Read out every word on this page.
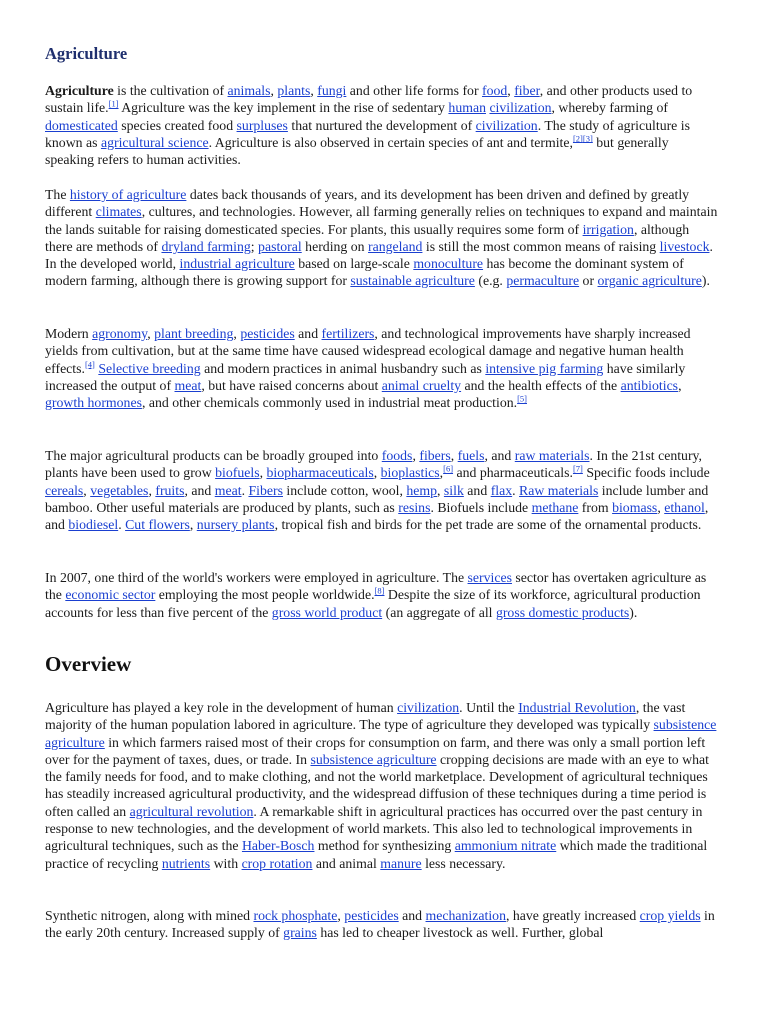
Agriculture

Agriculture is the cultivation of animals, plants, fungi and other life forms for food, fiber, and other products used to sustain life.[1] Agriculture was the key implement in the rise of sedentary human civilization, whereby farming of domesticated species created food surpluses that nurtured the development of civilization. The study of agriculture is known as agricultural science. Agriculture is also observed in certain species of ant and termite,[2][3] but generally speaking refers to human activities.

The history of agriculture dates back thousands of years, and its development has been driven and defined by greatly different climates, cultures, and technologies. However, all farming generally relies on techniques to expand and maintain the lands suitable for raising domesticated species. For plants, this usually requires some form of irrigation, although there are methods of dryland farming; pastoral herding on rangeland is still the most common means of raising livestock. In the developed world, industrial agriculture based on large-scale monoculture has become the dominant system of modern farming, although there is growing support for sustainable agriculture (e.g. permaculture or organic agriculture).

Modern agronomy, plant breeding, pesticides and fertilizers, and technological improvements have sharply increased yields from cultivation, but at the same time have caused widespread ecological damage and negative human health effects.[4] Selective breeding and modern practices in animal husbandry such as intensive pig farming have similarly increased the output of meat, but have raised concerns about animal cruelty and the health effects of the antibiotics, growth hormones, and other chemicals commonly used in industrial meat production.[5]

The major agricultural products can be broadly grouped into foods, fibers, fuels, and raw materials. In the 21st century, plants have been used to grow biofuels, biopharmaceuticals, bioplastics,[6] and pharmaceuticals.[7] Specific foods include cereals, vegetables, fruits, and meat. Fibers include cotton, wool, hemp, silk and flax. Raw materials include lumber and bamboo. Other useful materials are produced by plants, such as resins. Biofuels include methane from biomass, ethanol, and biodiesel. Cut flowers, nursery plants, tropical fish and birds for the pet trade are some of the ornamental products.

In 2007, one third of the world's workers were employed in agriculture. The services sector has overtaken agriculture as the economic sector employing the most people worldwide.[8] Despite the size of its workforce, agricultural production accounts for less than five percent of the gross world product (an aggregate of all gross domestic products).

Overview

Agriculture has played a key role in the development of human civilization. Until the Industrial Revolution, the vast majority of the human population labored in agriculture. The type of agriculture they developed was typically subsistence agriculture in which farmers raised most of their crops for consumption on farm, and there was only a small portion left over for the payment of taxes, dues, or trade. In subsistence agriculture cropping decisions are made with an eye to what the family needs for food, and to make clothing, and not the world marketplace. Development of agricultural techniques has steadily increased agricultural productivity, and the widespread diffusion of these techniques during a time period is often called an agricultural revolution. A remarkable shift in agricultural practices has occurred over the past century in response to new technologies, and the development of world markets. This also led to technological improvements in agricultural techniques, such as the Haber-Bosch method for synthesizing ammonium nitrate which made the traditional practice of recycling nutrients with crop rotation and animal manure less necessary.

Synthetic nitrogen, along with mined rock phosphate, pesticides and mechanization, have greatly increased crop yields in the early 20th century. Increased supply of grains has led to cheaper livestock as well. Further, global
